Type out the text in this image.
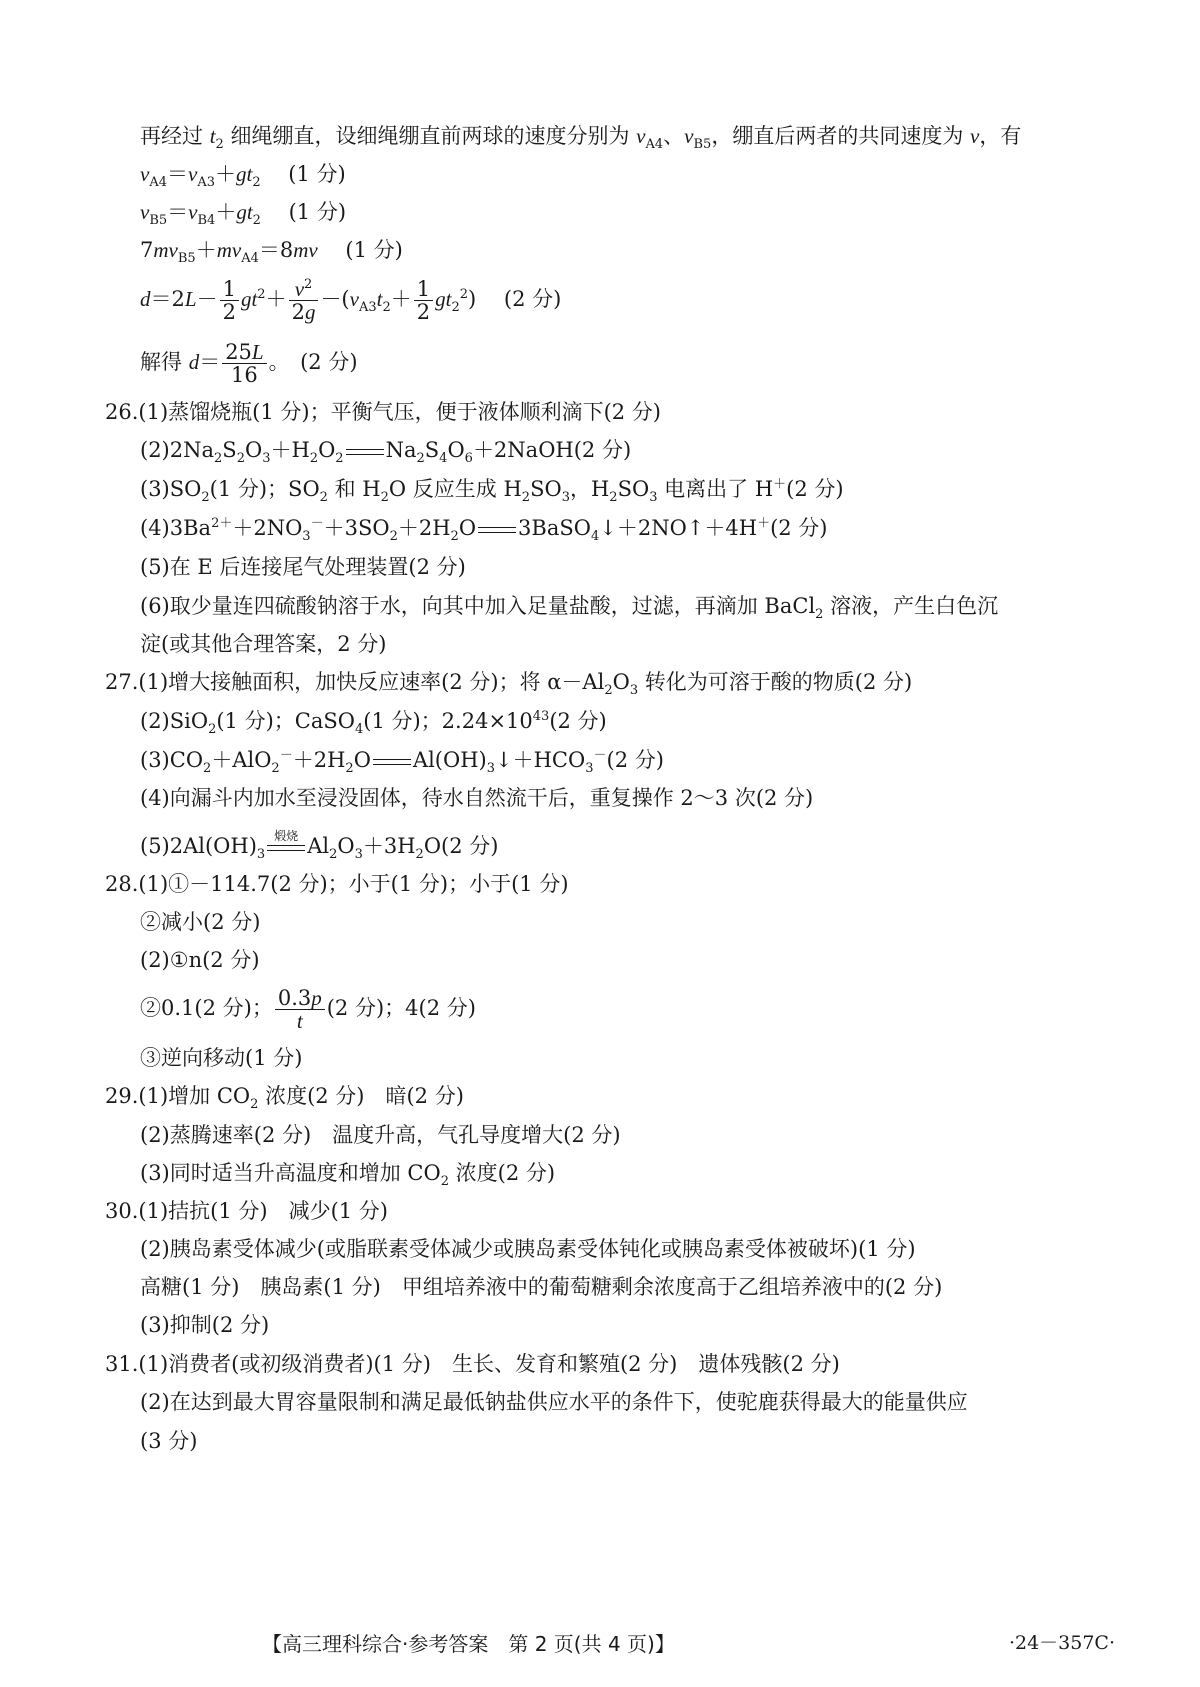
再经过 $t_2$ 细绳绷直，设细绳绷直前两球的速度分别为 $v_{A4}$、$v_{B5}$，绷直后两者的共同速度为 v，有
$v_{A4}=v_{A3}+gt_2$　 (1 分)
$v_{B5}=v_{B4}+gt_2$　 (1 分)
$7mv_{B5}+mv_{A4}=8mv$　 (1 分)
$d=2L- \frac{1}{2} gt^2+ \frac{v^2}{2g} -(v_{A3}t_2+ \frac{1}{2} gt_2^2)$　 (2 分)
解得 $d= \frac{25L}{16}$ 。　(2 分)
26.(1)蒸馏烧瓶(1 分)；平衡气压，便于液体顺利滴下(2 分)
$(2)2Na_2S_2O_3+H_2O_2$ $Na_2S_4O_6+2NaOH(2$ 分)
$(3)SO_2(1$ 分)；$SO_2$ 和 $H_2O$ 反应生成 $H_2SO_3$，$H_2SO_3$ 电离出了 H＋(2 分)
$(4)3Ba^{2+}+2NO_3^-+3SO_2+2H_2O$ 3BaSO$_4$↓＋2NO↑＋4H＋(2 分)
(5)在 E 后连接尾气处理装置(2 分)
(6)取少量连四硫酸钠溶于水，向其中加入足量盐酸，过滤，再滴加 BaCl$_2$ 溶液，产生白色沉
淀(或其他合理答案，2 分)
27.(1)增大接触面积，加快反应速率(2 分)；将 $\alpha-Al_2O_3$ 转化为可溶于酸的物质(2 分)
(2)SiO$_2$(1 分)；CaSO$_4$(1 分)；$2.24\times 10^{43}(2$ 分)
$(3)CO_2+AlO_2^-+2H_2O$ $Al(OH)_3↓+HCO_3^-(2$ 分)
(4)向漏斗内加水至浸没固体，待水自然流干后，重复操作 2～3 次(2 分)
$(5)2Al(OH)_3$
煅烧 $Al_2O_3+3H_2O(2$ 分)
28.(1)①－114.7(2 分)；小于(1 分)；小于(1 分)
②减小(2 分)
(2)①n(2 分)
②0.1(2 分)； $\frac{0.3p}{t} (2$ 分)；4(2 分)
③逆向移动(1 分)
29.(1)增加 $CO_2$ 浓度(2 分)　暗(2 分)
(2)蒸腾速率(2 分)　温度升高，气孔导度增大(2 分)
(3)同时适当升高温度和增加 $CO_2$ 浓度(2 分)
30.(1)拮抗(1 分)　减少(1 分)
(2)胰岛素受体减少(或脂联素受体减少或胰岛素受体钝化或胰岛素受体被破坏)(1 分)
高糖(1 分)　胰岛素(1 分)　甲组培养液中的葡萄糖剩余浓度高于乙组培养液中的(2 分)
(3)抑制(2 分)
31.(1)消费者(或初级消费者)(1 分)　生长、发育和繁殖(2 分)　遗体残骸(2 分)
(2)在达到最大胃容量限制和满足最低钠盐供应水平的条件下，使驼鹿获得最大的能量供应
(3 分)
【高三理科综合·参考答案　第 2 页(共 4 页)】	·24－357C·
